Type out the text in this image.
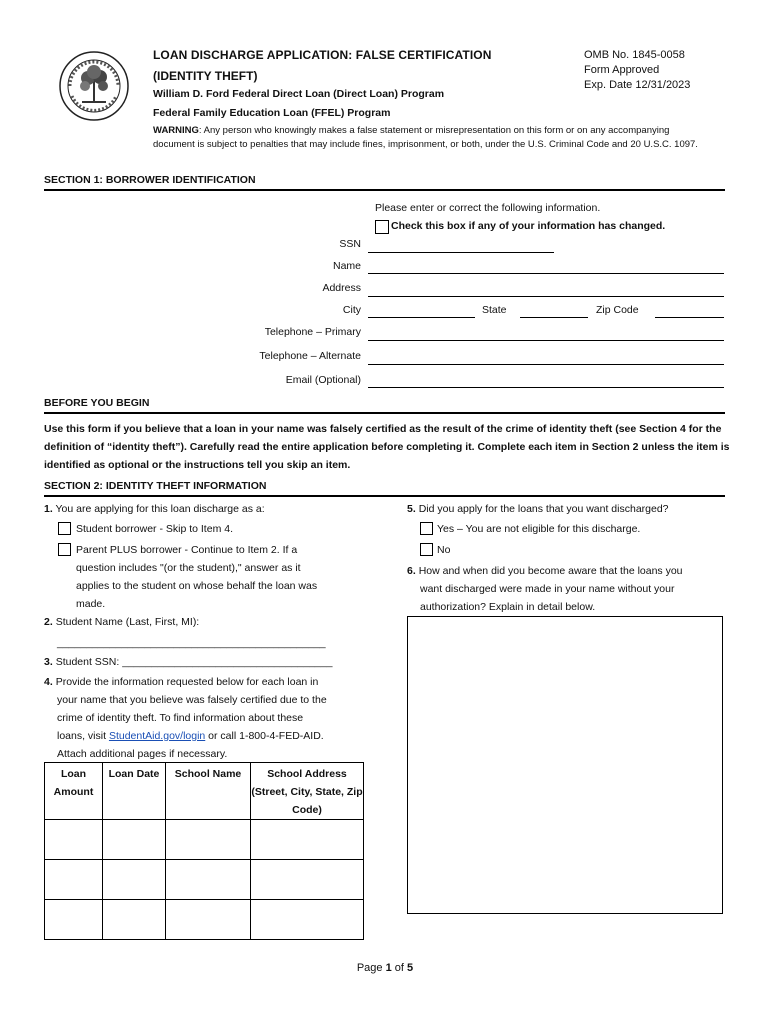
LOAN DISCHARGE APPLICATION: FALSE CERTIFICATION
(IDENTITY THEFT)
William D. Ford Federal Direct Loan (Direct Loan) Program
Federal Family Education Loan (FFEL) Program
OMB No. 1845-0058
Form Approved
Exp. Date 12/31/2023
WARNING: Any person who knowingly makes a false statement or misrepresentation on this form or on any accompanying document is subject to penalties that may include fines, imprisonment, or both, under the U.S. Criminal Code and 20 U.S.C. 1097.
SECTION 1: BORROWER IDENTIFICATION
Please enter or correct the following information.
Check this box if any of your information has changed.
SSN
Name
Address
City	State	Zip Code
Telephone – Primary
Telephone – Alternate
Email (Optional)
BEFORE YOU BEGIN
Use this form if you believe that a loan in your name was falsely certified as the result of the crime of identity theft (see Section 4 for the definition of “identity theft”). Carefully read the entire application before completing it. Complete each item in Section 2 unless the item is identified as optional or the instructions tell you skip an item.
SECTION 2: IDENTITY THEFT INFORMATION
1. You are applying for this loan discharge as a:
Student borrower - Skip to Item 4.
Parent PLUS borrower - Continue to Item 2. If a
question includes "(or the student)," answer as it
applies to the student on whose behalf the loan was
made.
2. Student Name (Last, First, MI):
______________________________________________
3. Student SSN: ____________________________________
4. Provide the information requested below for each loan in
your name that you believe was falsely certified due to the
crime of identity theft. To find information about these
loans, visit StudentAid.gov/login or call 1-800-4-FED-AID.
Attach additional pages if necessary.
Loan Amount	Loan Date	School Name	School Address (Street, City, State, Zip Code)

5. Did you apply for the loans that you want discharged?
Yes – You are not eligible for this discharge.
No
6. How and when did you become aware that the loans you
want discharged were made in your name without your
authorization? Explain in detail below.
Page 1 of 5
